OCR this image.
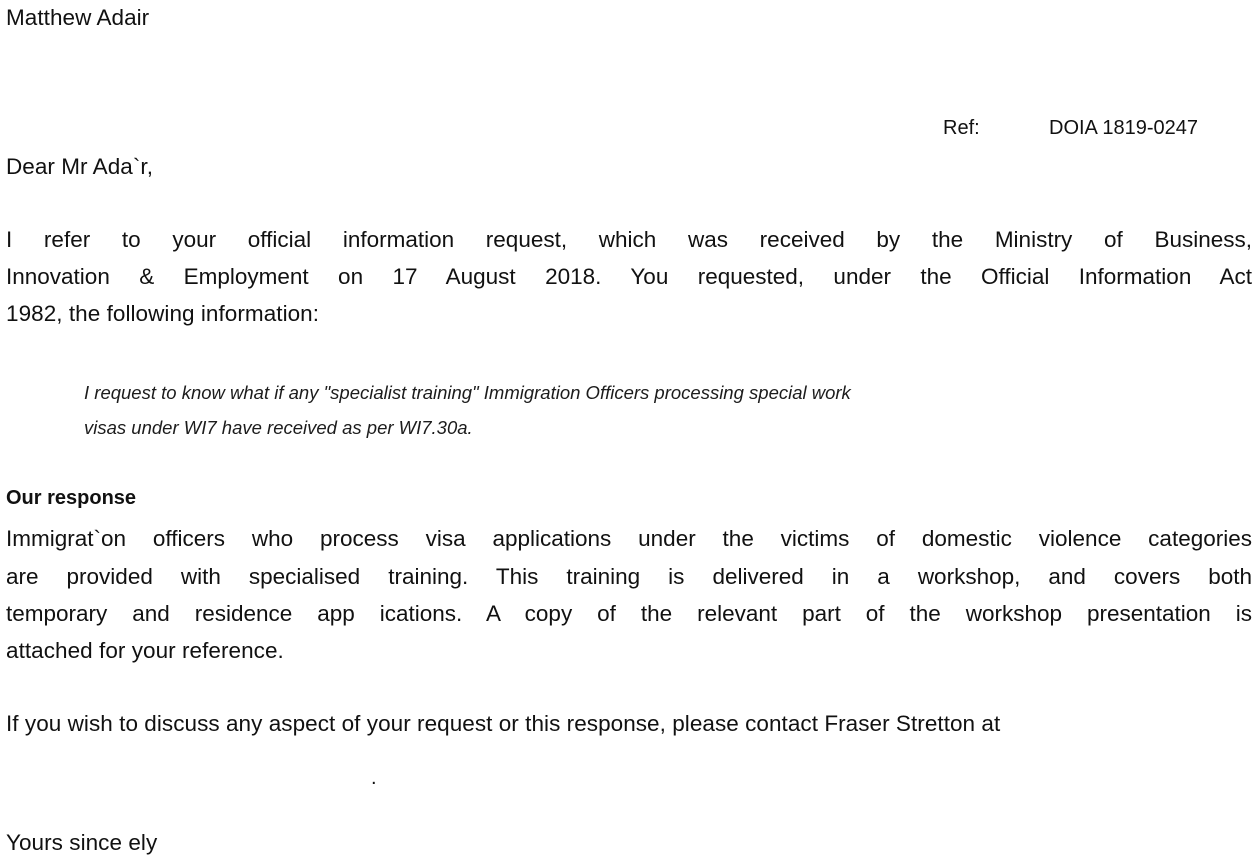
Matthew Adair
Ref:	DOIA 1819-0247
Dear Mr Ada`r,
I refer to your official information request, which was received by the Ministry of Business,
Innovation & Employment on 17 August 2018. You requested, under the Official Information Act
1982, the following information:
I request to know what if any "specialist training" Immigration Officers processing special work
visas under WI7 have received as per WI7.30a.
Our response
Immigrat`on officers who process visa applications under the victims of domestic violence categories
are provided with specialised training. This training is delivered in a workshop, and covers both
temporary and residence app ications. A copy of the relevant part of the workshop presentation is
attached for your reference.
If you wish to discuss any aspect of your request or this response, please contact Fraser Stretton at
.
Yours since ely
